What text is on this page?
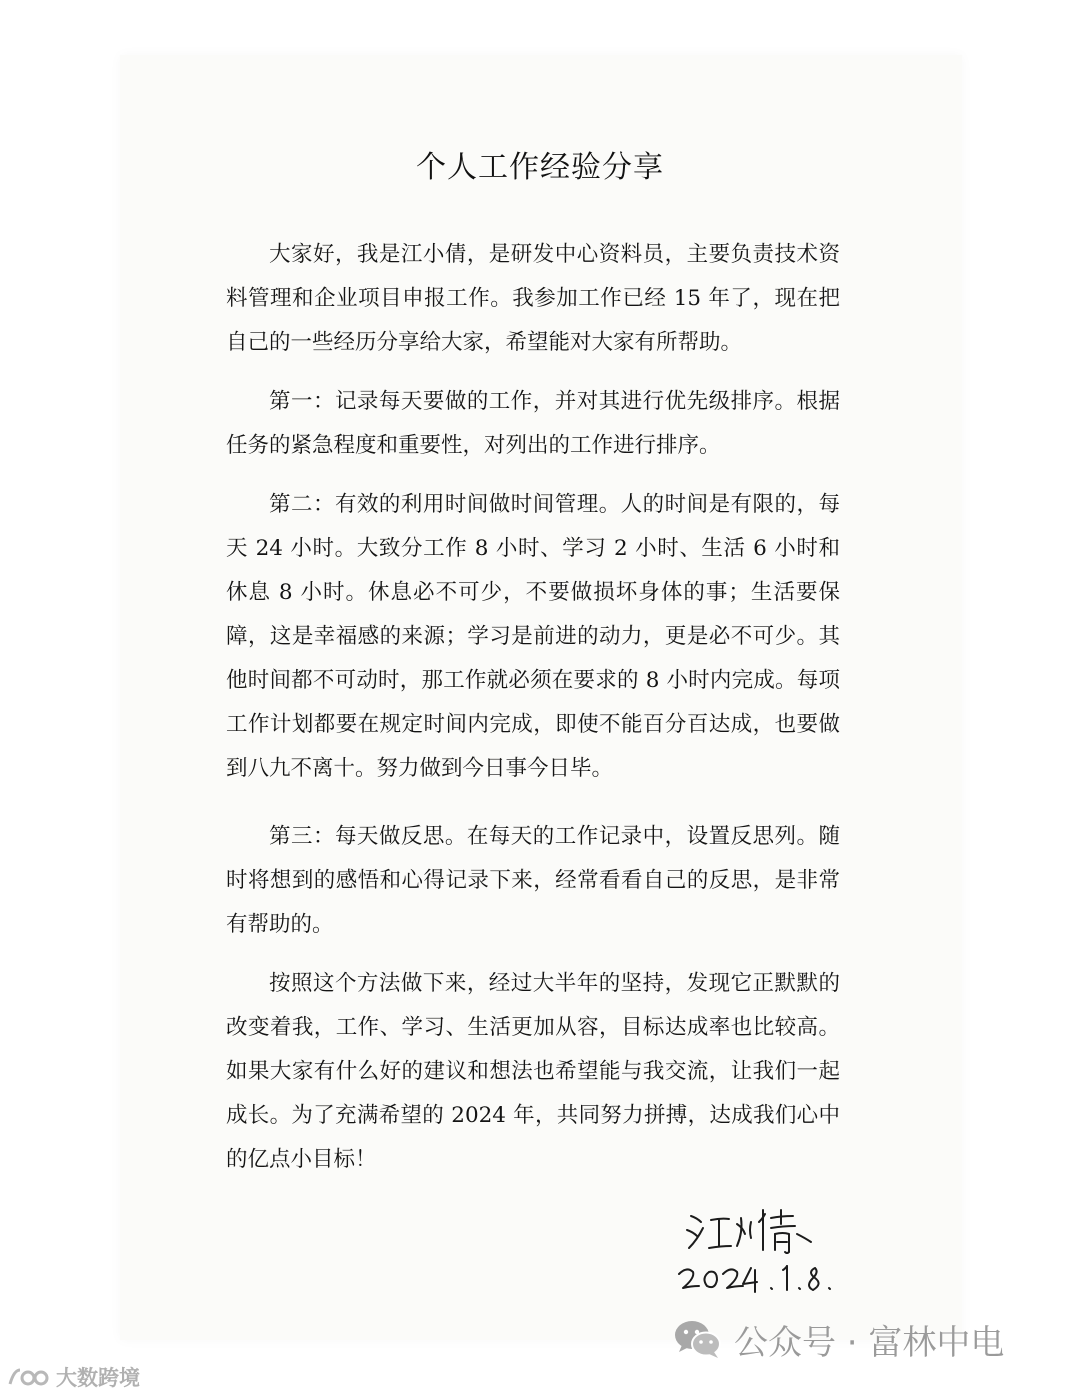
个人工作经验分享

大家好，我是江小倩，是研发中心资料员，主要负责技术资料管理和企业项目申报工作。我参加工作已经 15 年了，现在把自己的一些经历分享给大家，希望能对大家有所帮助。

第一：记录每天要做的工作，并对其进行优先级排序。根据任务的紧急程度和重要性，对列出的工作进行排序。

第二：有效的利用时间做时间管理。人的时间是有限的，每天 24 小时。大致分工作 8 小时、学习 2 小时、生活 6 小时和休息 8 小时。休息必不可少，不要做损坏身体的事；生活要保障，这是幸福感的来源；学习是前进的动力，更是必不可少。其他时间都不可动时，那工作就必须在要求的 8 小时内完成。每项工作计划都要在规定时间内完成，即使不能百分百达成，也要做到八九不离十。努力做到今日事今日毕。

第三：每天做反思。在每天的工作记录中，设置反思列。随时将想到的感悟和心得记录下来，经常看看自己的反思，是非常有帮助的。

按照这个方法做下来，经过大半年的坚持，发现它正默默的改变着我，工作、学习、生活更加从容，目标达成率也比较高。如果大家有什么好的建议和想法也希望能与我交流，让我们一起成长。为了充满希望的 2024 年，共同努力拼搏，达成我们心中的亿点小目标！

公众号 · 富林中电
大数跨境
